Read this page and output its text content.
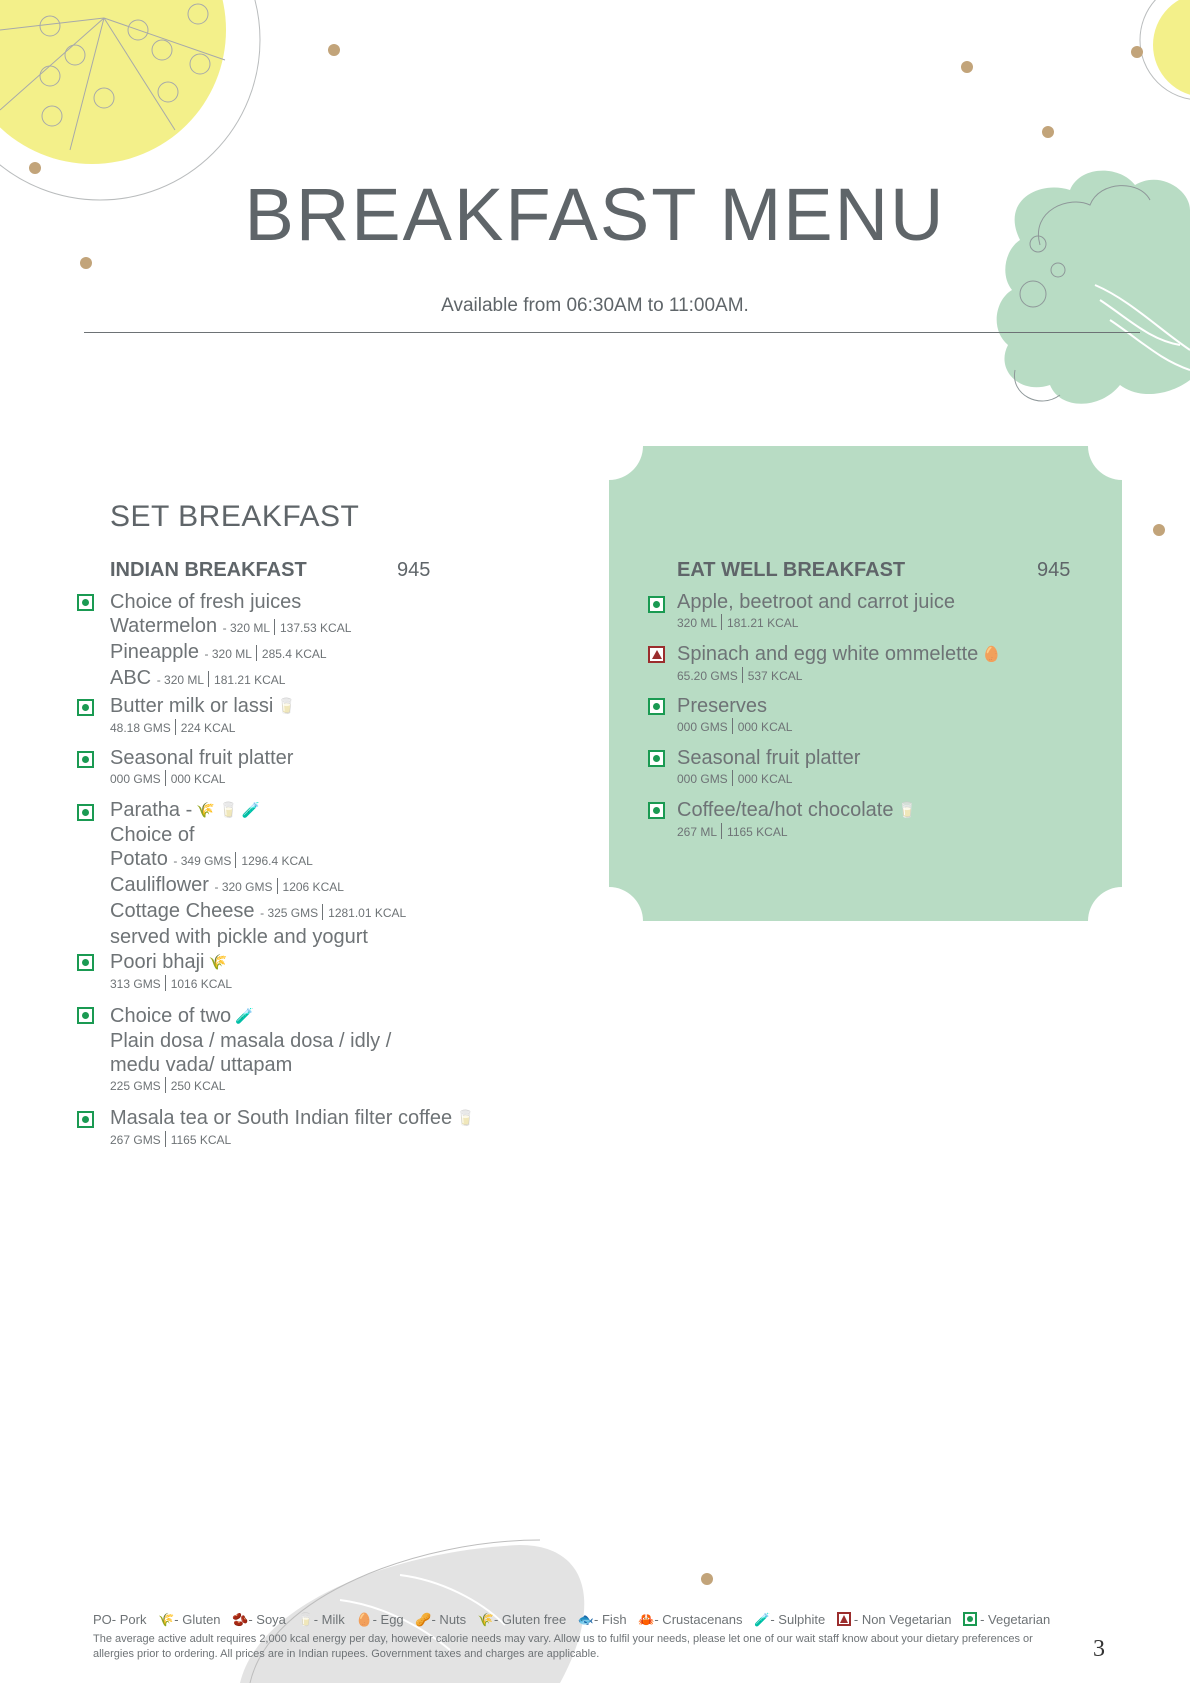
BREAKFAST MENU
Available from 06:30AM to 11:00AM.
SET BREAKFAST
INDIAN BREAKFAST	945
Choice of fresh juices
Watermelon - 320 ML 137.53 KCAL
Pineapple - 320 ML 285.4 KCAL
ABC - 320 ML 181.21 KCAL
Butter milk or lassi 🥛
48.18 GMS 224 KCAL
Seasonal fruit platter
000 GMS 000 KCAL
Paratha - 🌾 🥛 🧪
Choice of
Potato - 349 GMS 1296.4 KCAL
Cauliflower - 320 GMS 1206 KCAL
Cottage Cheese - 325 GMS 1281.01 KCAL
served with pickle and yogurt
Poori bhaji 🌾
313 GMS 1016 KCAL
Choice of two 🧪
Plain dosa / masala dosa / idly /
medu vada/ uttapam
225 GMS 250 KCAL
Masala tea or South Indian filter coffee 🥛
267 GMS 1165 KCAL
EAT WELL BREAKFAST	945
Apple, beetroot and carrot juice
320 ML 181.21 KCAL
Spinach and egg white ommelette 🥚
65.20 GMS 537 KCAL
Preserves
000 GMS 000 KCAL
Seasonal fruit platter
000 GMS 000 KCAL
Coffee/tea/hot chocolate 🥛
267 ML 1165 KCAL
PO- Pork 🌾- Gluten 🫘- Soya 🥛- Milk 🥚- Egg 🥜- Nuts 🌾- Gluten free 🐟- Fish 🦀- Crustacenans 🧪- Sulphite - Non Vegetarian - Vegetarian
The average active adult requires 2,000 kcal energy per day, however calorie needs may vary. Allow us to fulfil your needs, please let one of our wait staff know about your dietary preferences or allergies prior to ordering. All prices are in Indian rupees. Government taxes and charges are applicable.	3
